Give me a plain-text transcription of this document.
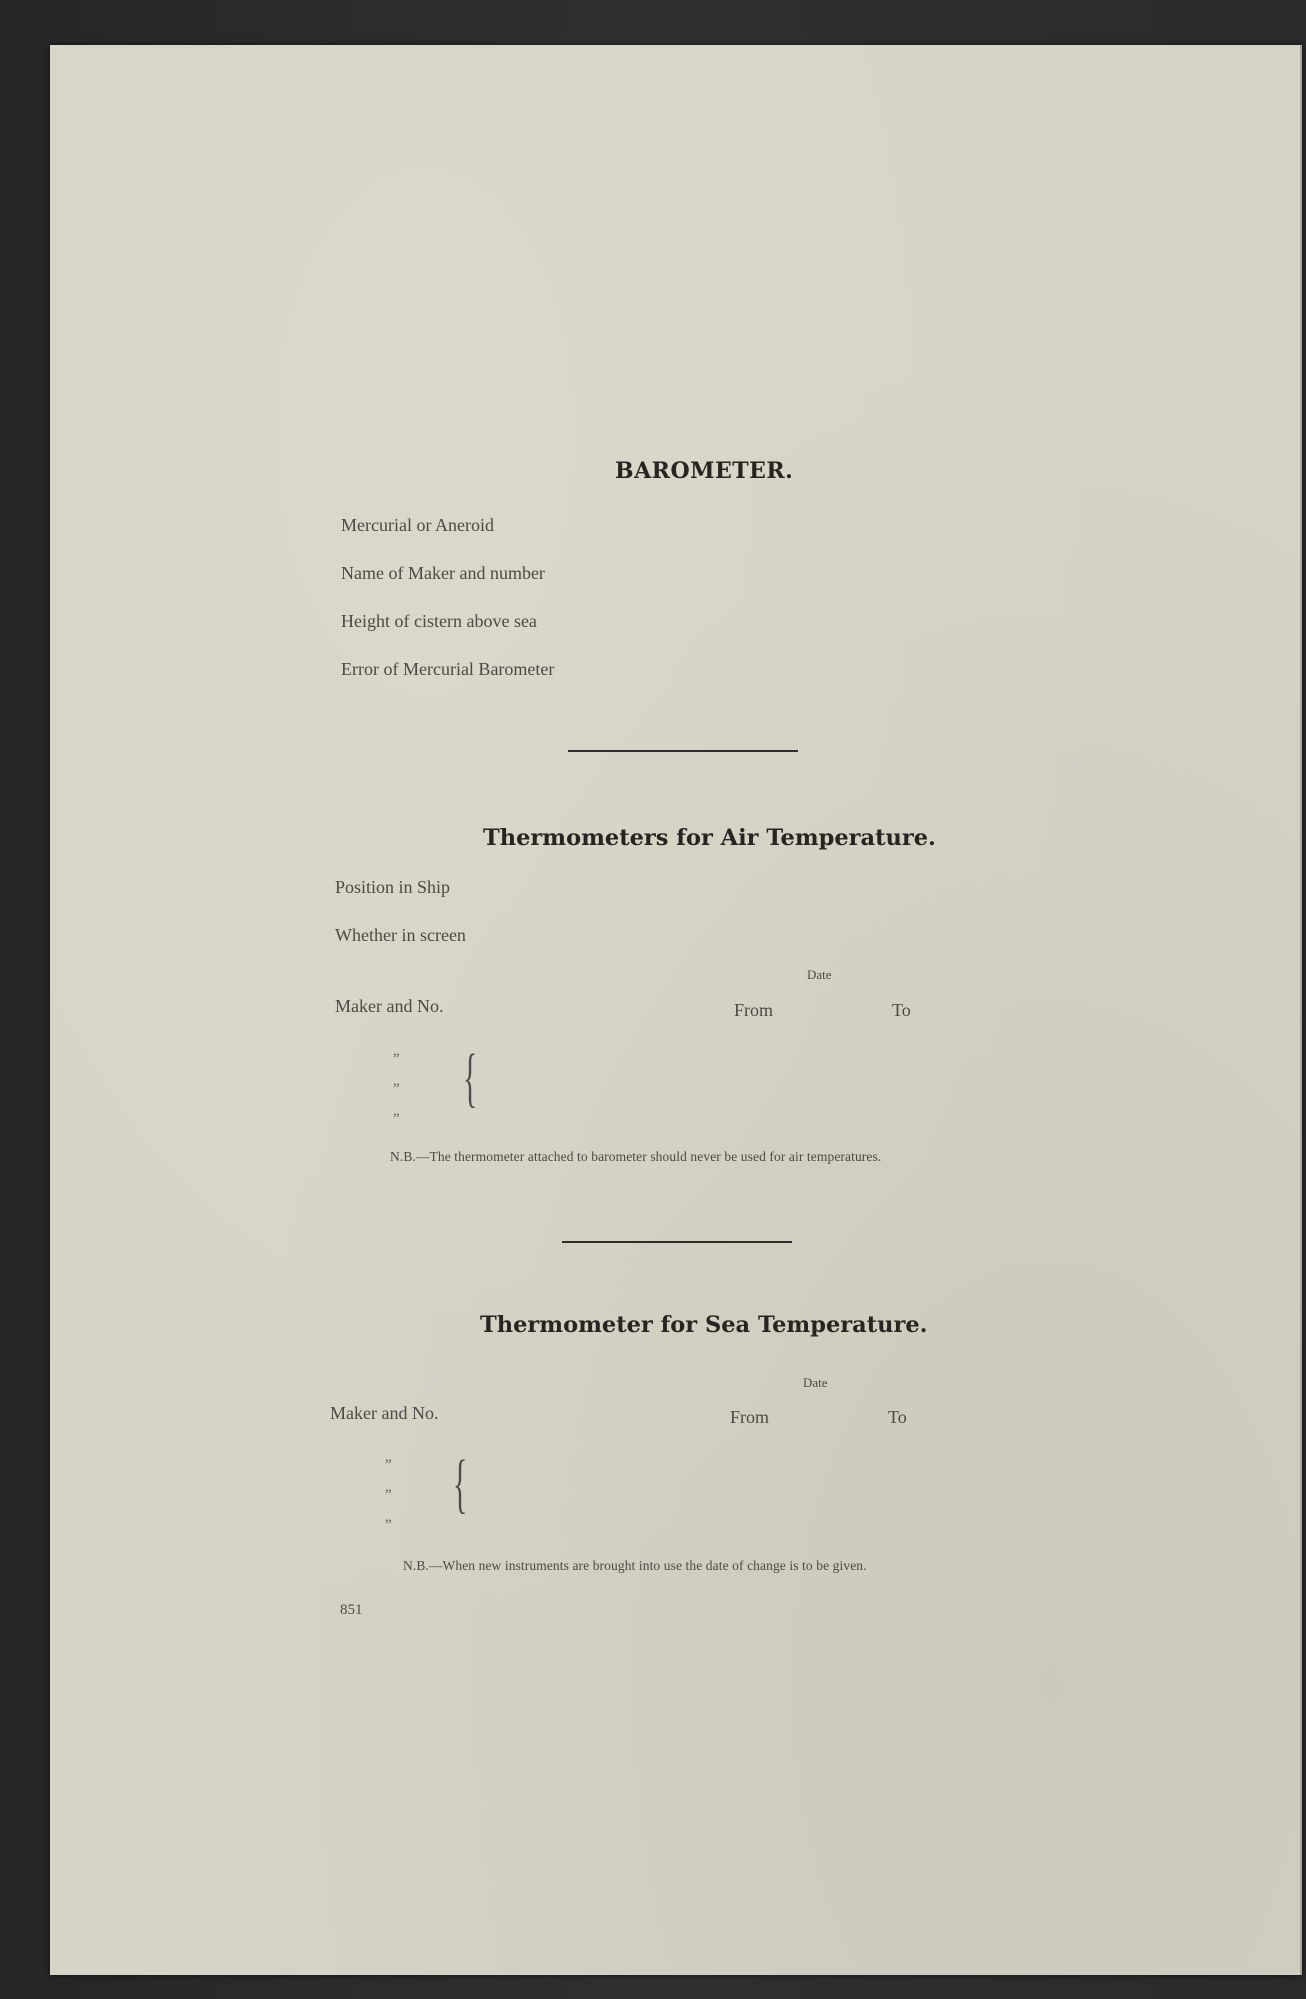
BAROMETER.
Mercurial or Aneroid
Name of Maker and number
Height of cistern above sea
Error of Mercurial Barometer
Thermometers for Air Temperature.
Position in Ship
Whether in screen
Date
Maker and No.	From	To
”
”
”
{
N.B.—The thermometer attached to barometer should never be used for air temperatures.
Thermometer for Sea Temperature.
Date
Maker and No.	From	To
”
”
”
{
N.B.—When new instruments are brought into use the date of change is to be given.
851
